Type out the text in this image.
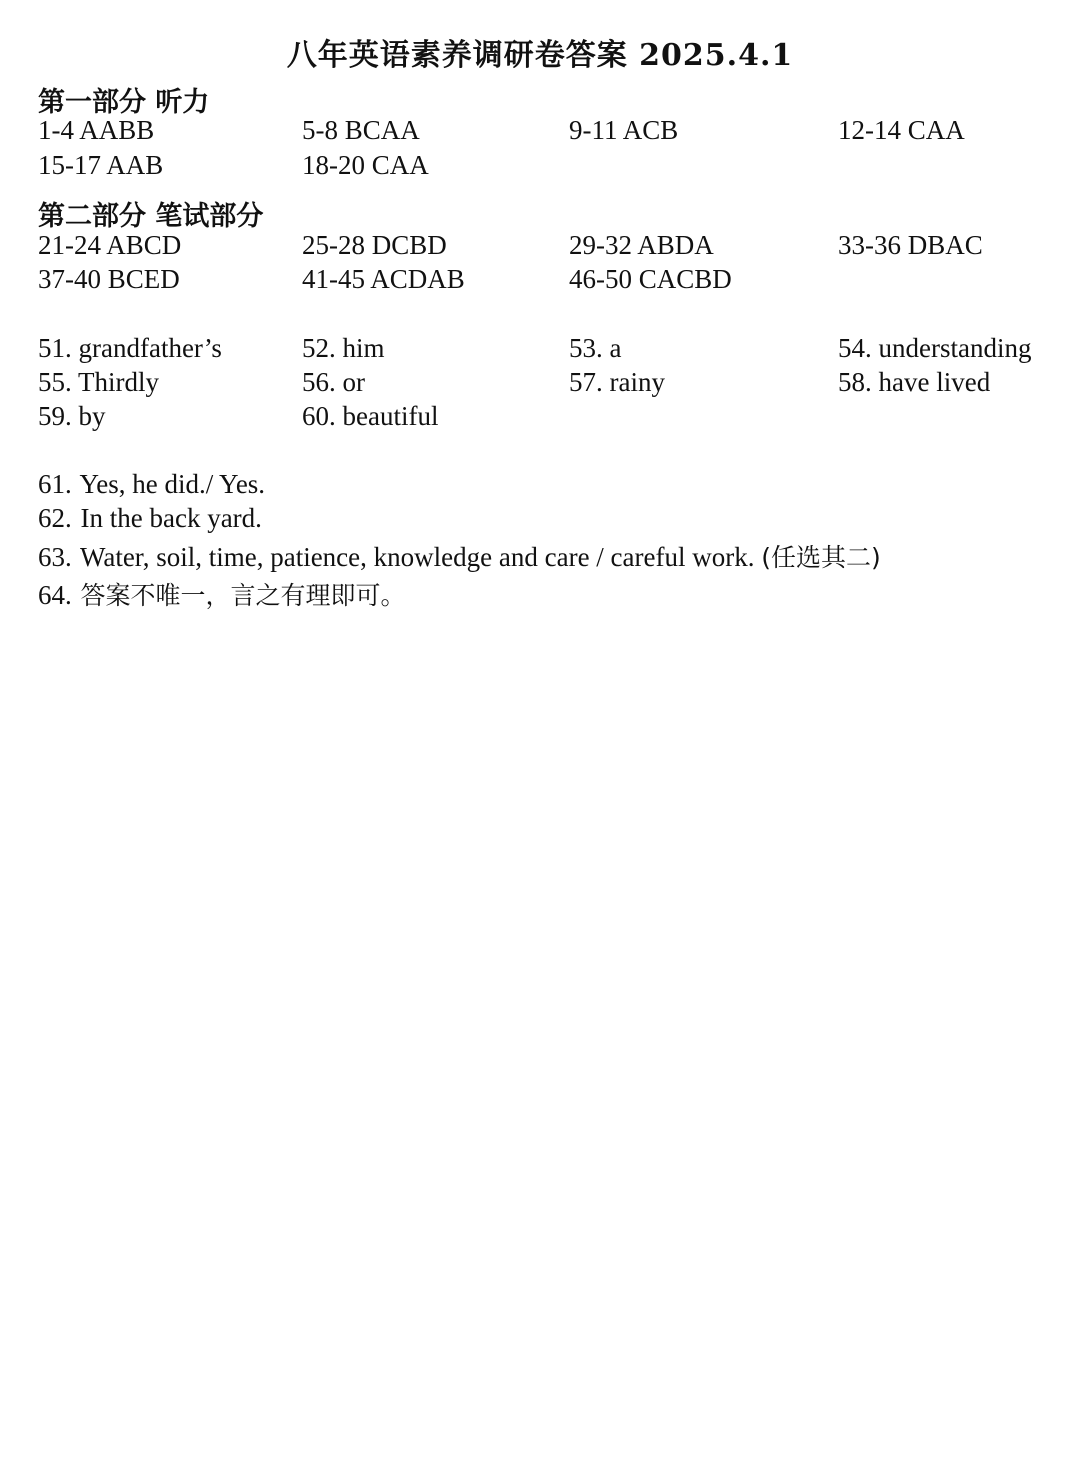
八年英语素养调研卷答案 2025.4.1
第一部分 听力
1-4 AABB	5-8 BCAA	9-11 ACB	12-14 CAA
15-17 AAB	18-20 CAA
第二部分 笔试部分
21-24 ABCD	25-28 DCBD	29-32 ABDA	33-36 DBAC
37-40 BCED	41-45 ACDAB	46-50 CACBD
51. grandfather’s	52. him	53. a	54. understanding
55. Thirdly	56. or	57. rainy	58. have lived
59. by	60. beautiful
61. Yes, he did./ Yes.
62. In the back yard.
63. Water, soil, time, patience, knowledge and care / careful work. (任选其二)
64. 答案不唯一，言之有理即可。
